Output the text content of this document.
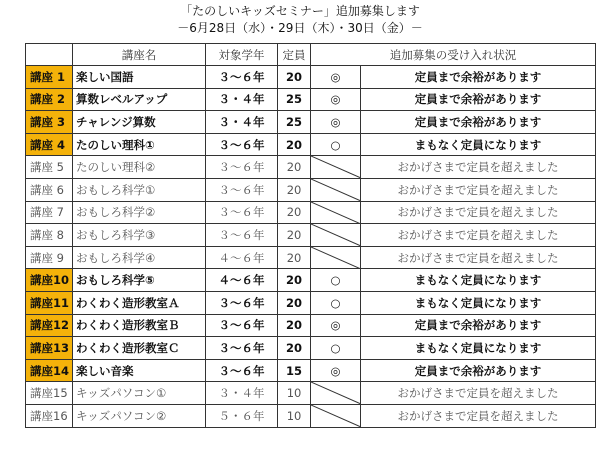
「たのしいキッズセミナー」追加募集します
－6月28日（水）・29日（木）・30日（金）－
	講座名	対象学年	定員	追加募集の受け入れ状況	
講座 1	楽しい国語	３～６年	20	◎	定員まで余裕があります
講座 2	算数レベルアップ	３・４年	25	◎	定員まで余裕があります
講座 3	チャレンジ算数	３・４年	25	◎	定員まで余裕があります
講座 4	たのしい理科①	３～６年	20	○	まもなく定員になります
講座 5	たのしい理科②	３～６年	20		おかげさまで定員を超えました
講座 6	おもしろ科学①	３～６年	20		おかげさまで定員を超えました
講座 7	おもしろ科学②	３～６年	20		おかげさまで定員を超えました
講座 8	おもしろ科学③	３～６年	20		おかげさまで定員を超えました
講座 9	おもしろ科学④	４～６年	20		おかげさまで定員を超えました
講座10	おもしろ科学⑤	４～６年	20	○	まもなく定員になります
講座11	わくわく造形教室Ａ	３～６年	20	○	まもなく定員になります
講座12	わくわく造形教室Ｂ	３～６年	20	◎	定員まで余裕があります
講座13	わくわく造形教室Ｃ	３～６年	20	○	まもなく定員になります
講座14	楽しい音楽	３～６年	15	◎	定員まで余裕があります
講座15	キッズパソコン①	３・４年	10		おかげさまで定員を超えました
講座16	キッズパソコン②	５・６年	10		おかげさまで定員を超えました
